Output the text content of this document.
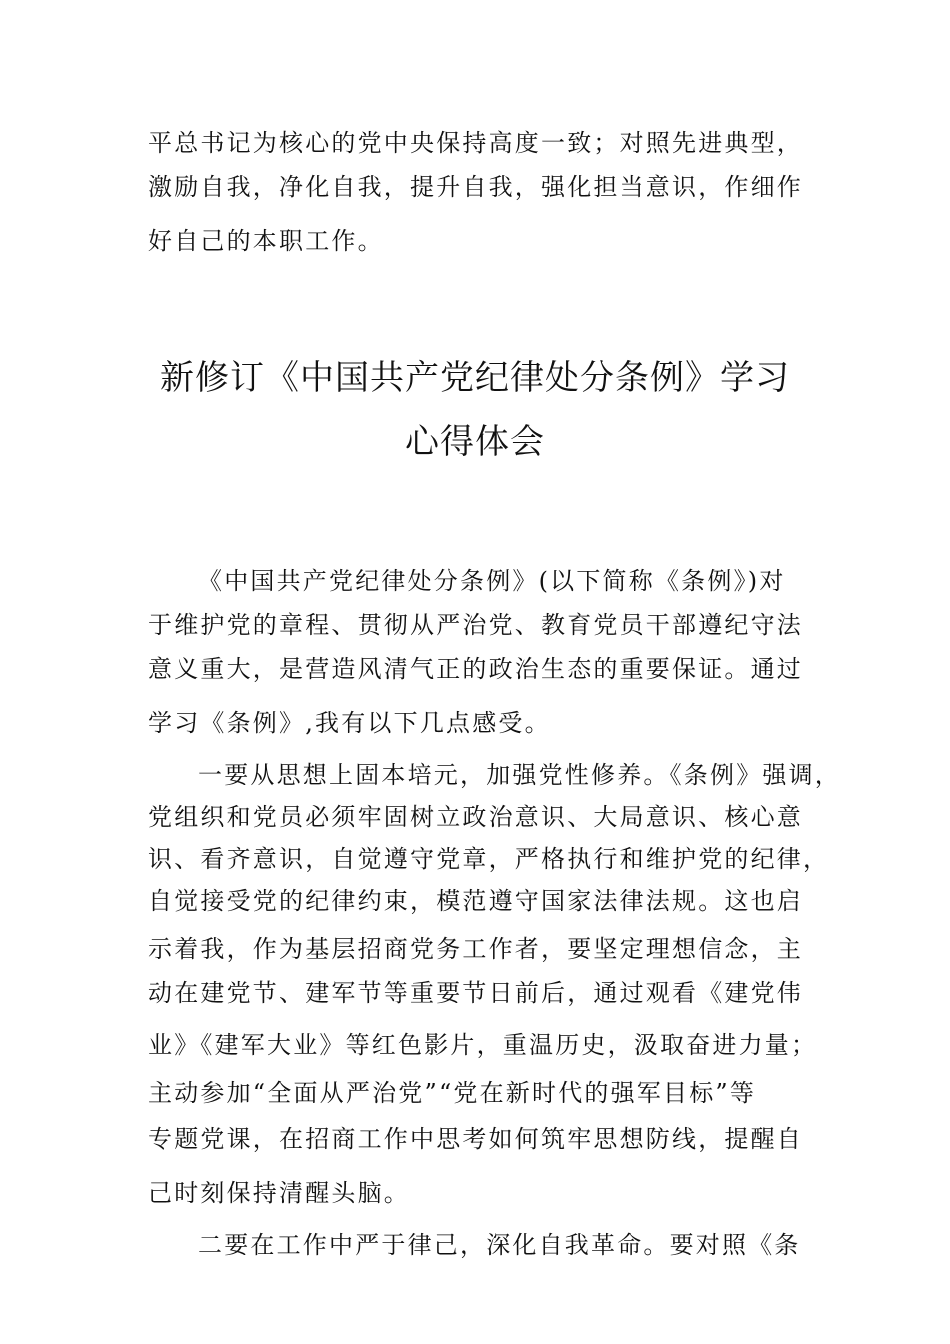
平总书记为核心的党中央保持高度一致；对照先进典型，
激励自我，净化自我，提升自我，强化担当意识，作细作
好自己的本职工作。
新修订《中国共产党纪律处分条例》学习
心得体会
《中国共产党纪律处分条例》(以下简称《条例》)对
于维护党的章程、贯彻从严治党、教育党员干部遵纪守法
意义重大，是营造风清气正的政治生态的重要保证。通过
学习《条例》,我有以下几点感受。
一要从思想上固本培元，加强党性修养。《条例》强调，
党组织和党员必须牢固树立政治意识、大局意识、核心意
识、看齐意识，自觉遵守党章，严格执行和维护党的纪律，
自觉接受党的纪律约束，模范遵守国家法律法规。这也启
示着我，作为基层招商党务工作者，要坚定理想信念，主
动在建党节、建军节等重要节日前后，通过观看《建党伟
业》《建军大业》等红色影片，重温历史，汲取奋进力量；
主动参加“全面从严治党”“党在新时代的强军目标”等
专题党课，在招商工作中思考如何筑牢思想防线，提醒自
己时刻保持清醒头脑。
二要在工作中严于律己，深化自我革命。要对照《条
